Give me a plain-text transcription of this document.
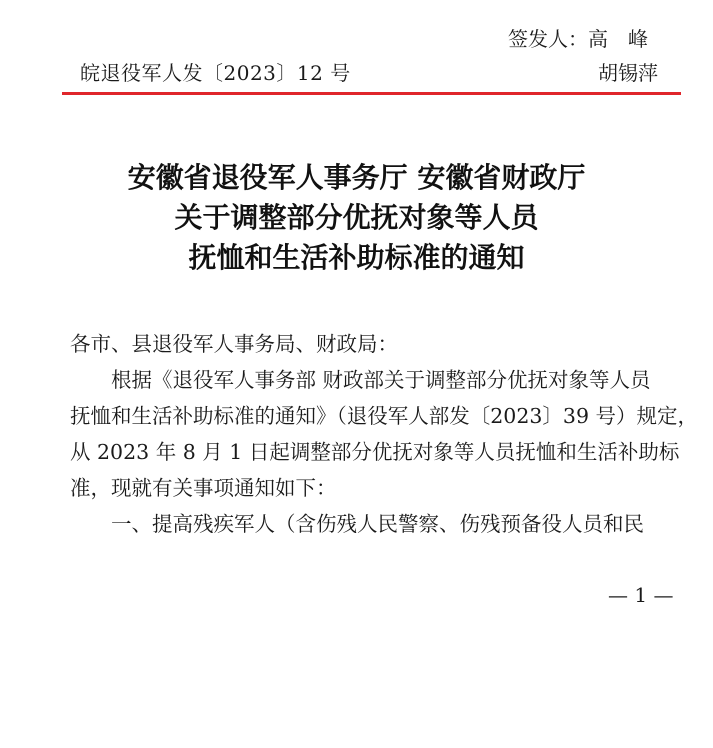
签发人：高　峰
胡锡萍
皖退役军人发〔2023〕12 号
安徽省退役军人事务厅 安徽省财政厅
关于调整部分优抚对象等人员
抚恤和生活补助标准的通知
各市、县退役军人事务局、财政局：
根据《退役军人事务部 财政部关于调整部分优抚对象等人员
抚恤和生活补助标准的通知》（退役军人部发〔2023〕39 号）规定，
从 2023 年 8 月 1 日起调整部分优抚对象等人员抚恤和生活补助标
准，现就有关事项通知如下：
一、提高残疾军人（含伤残人民警察、伤残预备役人员和民
— 1 —
